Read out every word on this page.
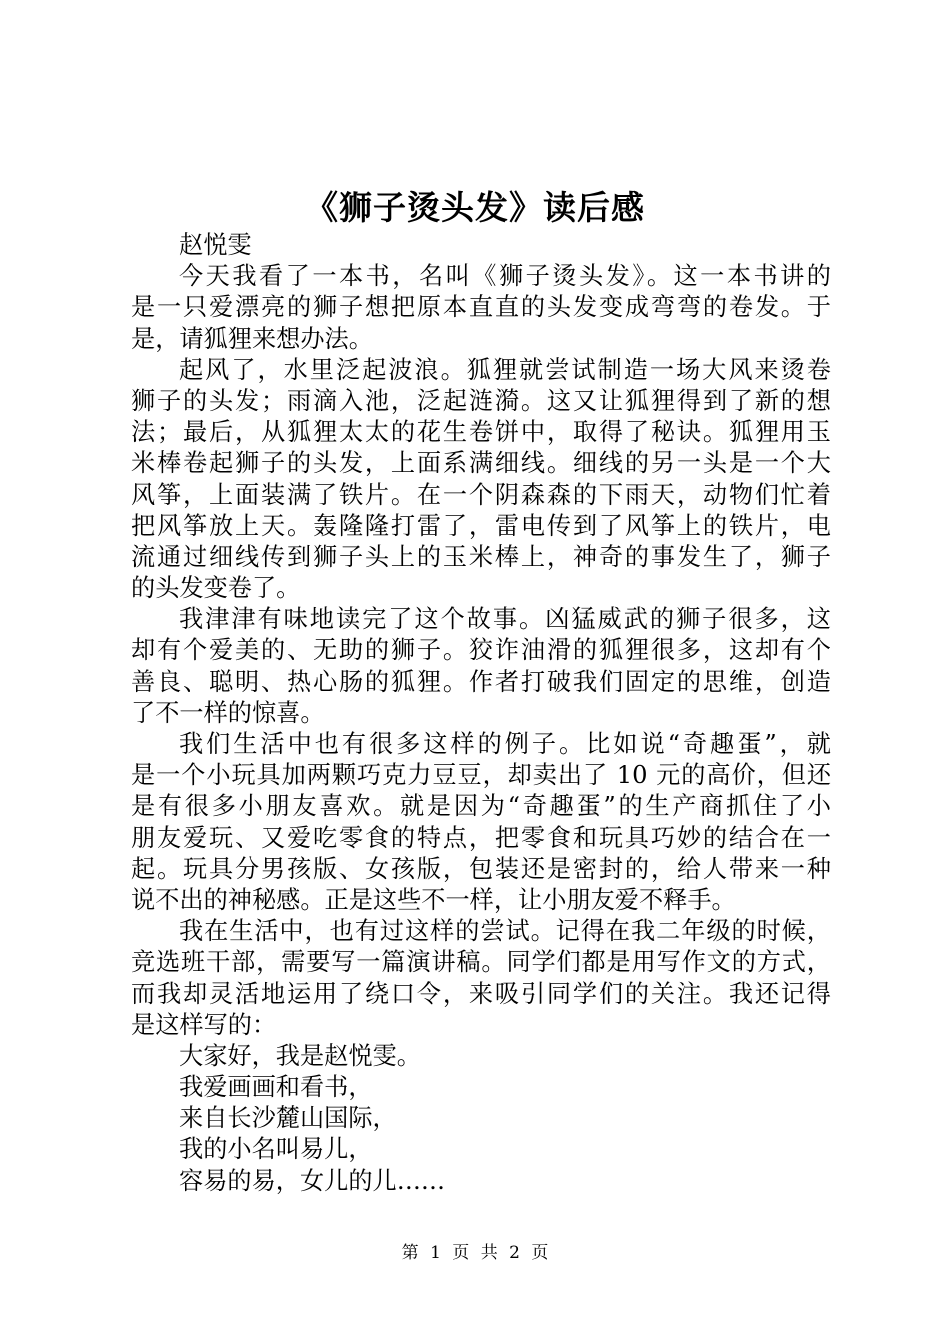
《狮子烫头发》读后感
赵悦雯
今天我看了一本书，名叫《狮子烫头发》。这一本书讲的
是一只爱漂亮的狮子想把原本直直的头发变成弯弯的卷发。于
是，请狐狸来想办法。
起风了，水里泛起波浪。狐狸就尝试制造一场大风来烫卷
狮子的头发；雨滴入池，泛起涟漪。这又让狐狸得到了新的想
法；最后，从狐狸太太的花生卷饼中，取得了秘诀。狐狸用玉
米棒卷起狮子的头发，上面系满细线。细线的另一头是一个大
风筝，上面装满了铁片。在一个阴森森的下雨天，动物们忙着
把风筝放上天。轰隆隆打雷了，雷电传到了风筝上的铁片，电
流通过细线传到狮子头上的玉米棒上，神奇的事发生了，狮子
的头发变卷了。
我津津有味地读完了这个故事。凶猛威武的狮子很多，这
却有个爱美的、无助的狮子。狡诈油滑的狐狸很多，这却有个
善良、聪明、热心肠的狐狸。作者打破我们固定的思维，创造
了不一样的惊喜。
我们生活中也有很多这样的例子。比如说“奇趣蛋”，就
是一个小玩具加两颗巧克力豆豆，却卖出了 10 元的高价，但还
是有很多小朋友喜欢。就是因为“奇趣蛋”的生产商抓住了小
朋友爱玩、又爱吃零食的特点，把零食和玩具巧妙的结合在一
起。玩具分男孩版、女孩版，包装还是密封的，给人带来一种
说不出的神秘感。正是这些不一样，让小朋友爱不释手。
我在生活中，也有过这样的尝试。记得在我二年级的时候，
竞选班干部，需要写一篇演讲稿。同学们都是用写作文的方式，
而我却灵活地运用了绕口令，来吸引同学们的关注。我还记得
是这样写的：
大家好，我是赵悦雯。
我爱画画和看书，
来自长沙麓山国际，
我的小名叫易儿，
容易的易，女儿的儿……
第 1 页 共 2 页
